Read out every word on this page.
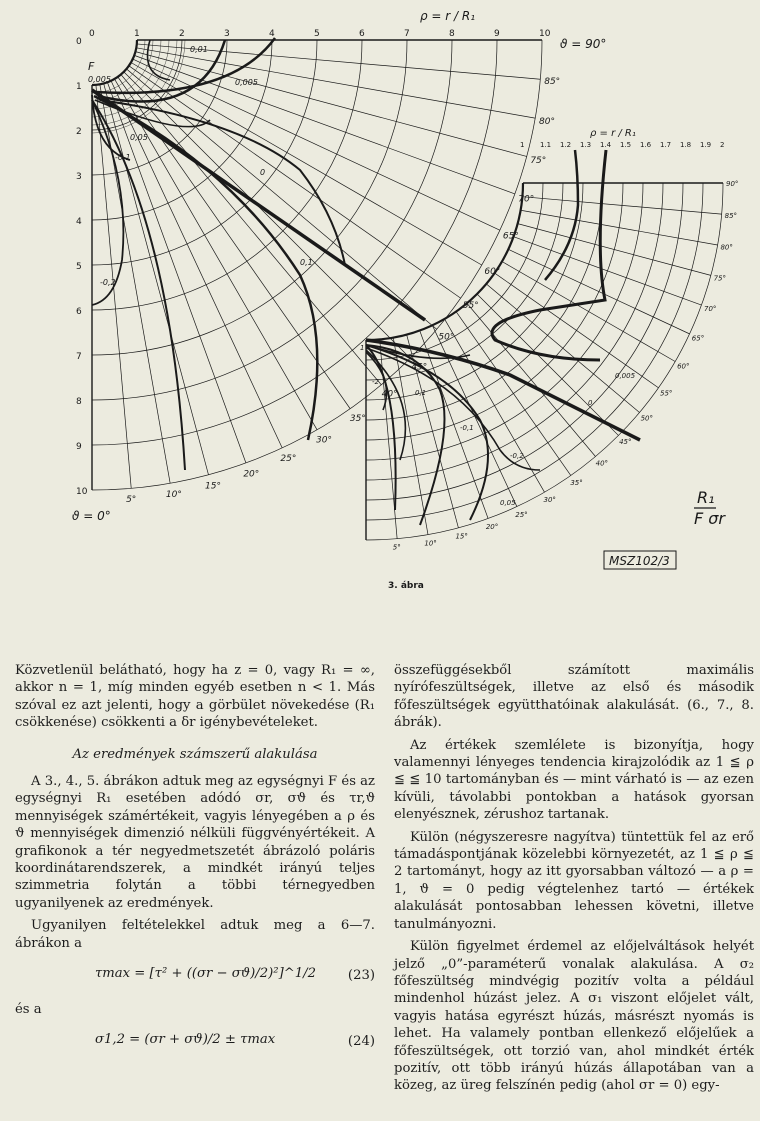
ρ = r / R₁
ϑ = 90°
ϑ = 0°
ρ = r / R₁
F
R₁
F σr
MSZ102/3
3. ábra
0	1	2	3	4	5	6	7	8	9	10
0
1
2
3
4
5
6
7
8
9
10
5°
10°
15°
20°
25°
30°
35°
40°
45°
50°
55°
60°
65°
70°
75°
80°
85°
0
0,01
0,005
0,1
0,05
-0,1
-0,2
0,005
1 1.1 1.2 1.3 1.4 1.5 1.6 1.7 1.8 1.9 2
5°
10°
15°
20°
25°
30°
35°
40°
45°
50°
55°
60°
65°
70°
75°
80°
85°
90°
0
0,005
0,1
-0,2
-0,1
-2
1
0,05

Közvetlenül belátható, hogy ha z = 0, vagy R₁ = ∞, akkor n = 1, míg minden egyéb esetben n < 1. Más szóval ez azt jelenti, hogy a görbület növekedése (R₁ csökkenése) csökkenti a δr igénybevételeket.

Az eredmények számszerű alakulása

A 3., 4., 5. ábrákon adtuk meg az egységnyi F és az egységnyi R₁ esetében adódó σr, σϑ és τr,ϑ mennyiségek számértékeit, vagyis lényegében a ρ és ϑ mennyiségek dimenzió nélküli függvényértékeit. A grafikonok a tér negyedmetszetét ábrázoló poláris koordinátarendszerek, a mindkét irányú teljes szimmetria folytán a többi térnegyedben ugyanilyenek az eredmények.

Ugyanilyen feltételekkel adtuk meg a 6—7. ábrákon a

τmax = [τ² + ((σr − σϑ)/2)²]^1/2 (23)
és a
σ1,2 = (σr + σϑ)/2 ± τmax	(24)

összefüggésekből számított maximális nyírófeszültségek, illetve az első és második főfeszültségek együtthatóinak alakulását. (6., 7., 8. ábrák).

Az értékek szemlélete is bizonyítja, hogy valamennyi lényeges tendencia kirajzolódik az 1 ≦ ρ ≦ ≦ 10 tartományban és — mint várható is — az ezen kívüli, távolabbi pontokban a hatások gyorsan elenyésznek, zérushoz tartanak.

Külön (négyszeresre nagyítva) tüntettük fel az erő támadáspontjának közelebbi környezetét, az 1 ≦ ρ ≦ 2 tartományt, hogy az itt gyorsabban változó — a ρ = 1, ϑ = 0 pedig végtelenhez tartó — értékek alakulását pontosabban lehessen követni, illetve tanulmányozni.

Külön figyelmet érdemel az előjelváltások helyét jelző „0”-paraméterű vonalak alakulása. A σ₂ főfeszültség mindvégig pozitív volta a például mindenhol húzást jelez. A σ₁ viszont előjelet vált, vagyis hatása egyrészt húzás, másrészt nyomás is lehet. Ha valamely pontban ellenkező előjelűek a főfeszültségek, ott torzió van, ahol mindkét érték pozitív, ott több irányú húzás állapotában van a közeg, az üreg felszínén pedig (ahol σr = 0) egy-
